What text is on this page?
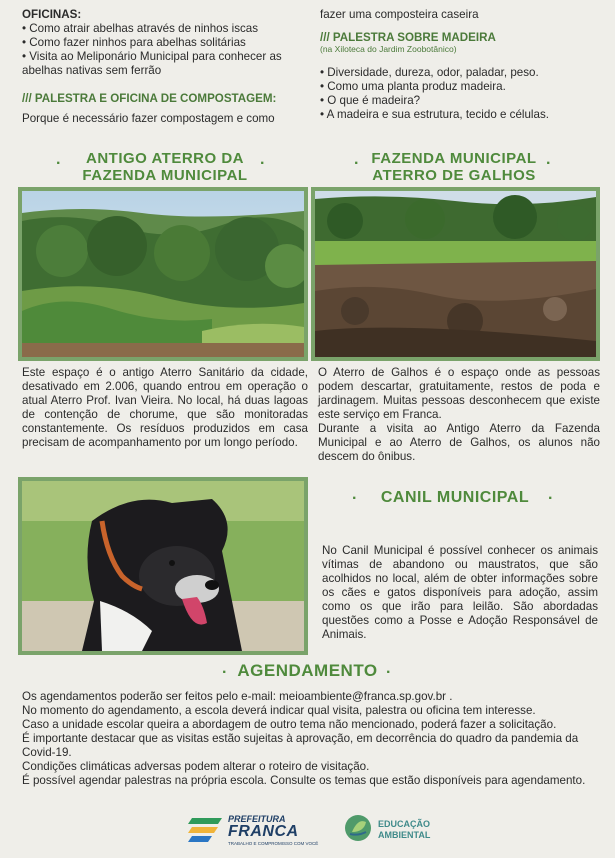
OFICINAS:
• Como atrair abelhas através de ninhos iscas
• Como fazer ninhos para abelhas solitárias
• Visita ao Meliponário Municipal para conhecer as
abelhas nativas sem ferrão
/// PALESTRA E OFICINA DE COMPOSTAGEM:
Porque é necessário fazer compostagem e como
fazer uma composteira caseira
/// PALESTRA SOBRE MADEIRA
(na Xiloteca do Jardim Zoobotânico)
• Diversidade, dureza, odor, paladar, peso.
• Como uma planta produz madeira.
• O que é madeira?
• A madeira e sua estrutura, tecido e células.
·	·
ANTIGO ATERRO DA
FAZENDA MUNICIPAL
·	·
FAZENDA MUNICIPAL
ATERRO DE GALHOS
Este espaço é o antigo Aterro Sanitário da cidade, desativado em 2.006, quando entrou em operação o atual Aterro Prof. Ivan Vieira. No local, há duas lagoas de contenção de chorume, que são monitoradas constantemente. Os resíduos produzidos em casa precisam de acompanhamento por um longo período.
O Aterro de Galhos é o espaço onde as pessoas podem descartar, gratuitamente, restos de poda e jardinagem. Muitas pessoas desconhecem que existe este serviço em Franca.
Durante a visita ao Antigo Aterro da Fazenda Municipal e ao Aterro de Galhos, os alunos não descem do ônibus.
·	·
CANIL MUNICIPAL
No Canil Municipal é possível conhecer os animais vítimas de abandono ou maustratos, que são acolhidos no local, além de obter informações sobre os cães e gatos disponíveis para adoção, assim como os que irão para leilão. São abordadas questões como a Posse e Adoção Responsável de Animais.
·	·
AGENDAMENTO
Os agendamentos poderão ser feitos pelo e-mail: meioambiente@franca.sp.gov.br .
No momento do agendamento, a escola deverá indicar qual visita, palestra ou oficina tem interesse.
Caso a unidade escolar queira a abordagem de outro tema não mencionado, poderá fazer a solicitação.
É importante destacar que as visitas estão sujeitas à aprovação, em decorrência do quadro da pandemia da Covid-19.
Condições climáticas adversas podem alterar o roteiro de visitação.
É possível agendar palestras na própria escola. Consulte os temas que estão disponíveis para agendamento.
PREFEITURA
FRANCA
TRABALHO E COMPROMISSO COM VOCÊ
EDUCAÇÃO
AMBIENTAL
